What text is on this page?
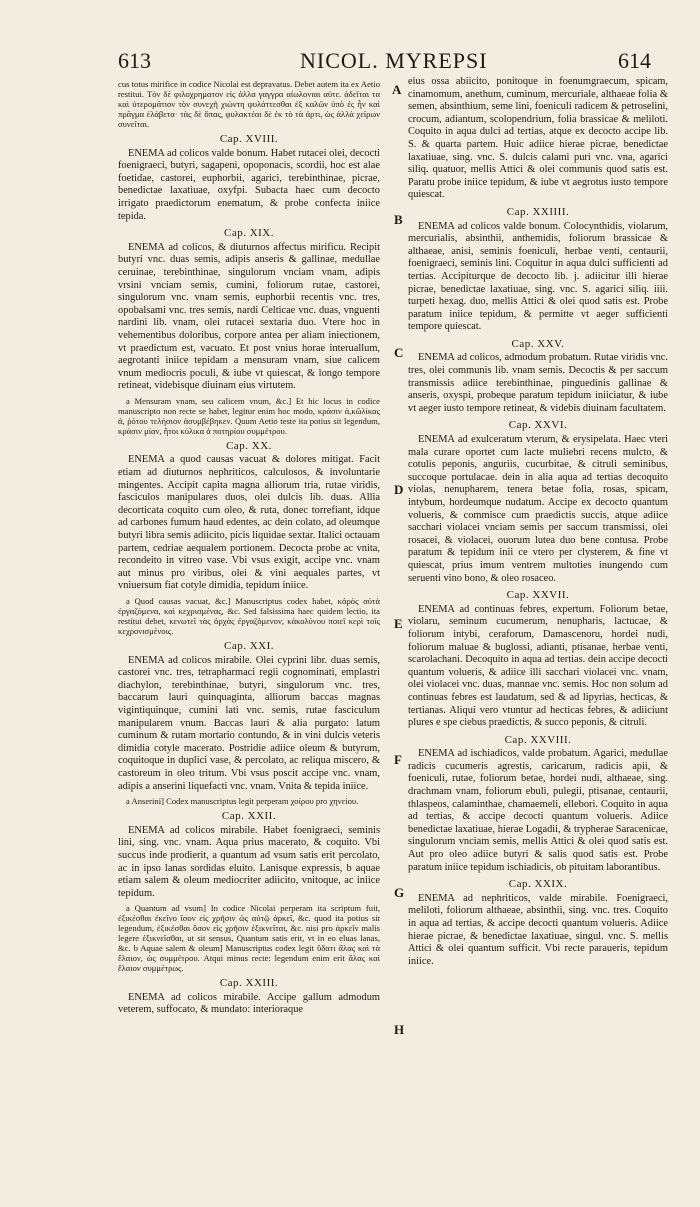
613	NICOL. MYREPSI	614
A
B
C
D
E
F
G
H

cus totus mirifice in codice Nicolai est depravatus. Debet autem ita ex Aetio restitui. Τὸν δὲ φιλοχρηματον εἰς ἀλλα γαγγρα αἰωλονιαι αὐτε. ἀδεῖται τα καὶ ὑτερομάτιον τὸν συνεχῆ χιώντη φυλάττεσθαι ἐξ καλῶν ὑπὸ ἐς ἦν καὶ πρᾶγμα ἐλάβετα· τὰς δὲ ὅπας, φυλακτέαι δὲ ἐκ τὸ τὰ ἀρτι, ὡς ἀλλὰ χεῖρων συνεῖται.

Cap. XVIII.

ENEMA ad colicos valde bonum. Habet rutacei olei, decocti foenigraeci, butyri, sagapeni, opoponacis, scordii, hoc est alae foetidae, castorei, euphorbii, agarici, terebinthinae, picrae, benedictae laxatiuae, oxyfpi. Subacta haec cum decocto irrigato praedictorum enematum, & probe confecta iniice tepida.

Cap. XIX.

ENEMA ad colicos, & diuturnos affectus mirificu. Recipit butyri vnc. duas semis, adipis anseris & gallinae, medullae ceruinae, terebinthinae, singulorum vnciam vnam, adipis vrsini vnciam semis, cumini, foliorum rutae, castorei, singulorum vnc. vnam semis, euphorbii recentis vnc. tres, opobalsami vnc. tres semis, nardi Celticae vnc. duas, vnguenti nardini lib. vnam, olei rutacei sextaria duo. Vtere hoc in vehementibus doloribus, corpore antea per aliam iniectionem, vt praedictum est, vacuato. Et post vnius horae interuallum, aegrotanti iniice tepidam a mensuram vnam, siue calicem vnum mediocris poculi, & iube vt quiescat, & longo tempore retineat, videbisque diuinam eius virtutem.

a Mensuram vnam, seu calicem vnum, &c.] Et hic locus in codice manuscripto non recte se habet, legitur enim hoc modo, κράσιν ἀ,κῶλίκας ἀ, ῥότου τελήσιον ἀσυμβέβηκεν. Quum Aetio teste ita potius sit legendum, κράσιν μίαν, ἤτοι κύλικα ἀ ποτηρίου συμμέτρου.

Cap. XX.

ENEMA a quod causas vacuat & dolores mitigat. Facit etiam ad diuturnos nephriticos, calculosos, & involuntarie mingentes. Accipit capita magna alliorum tria, rutae viridis, fasciculos manipulares duos, olei dulcis lib. duas. Allia decorticata coquito cum oleo, & ruta, donec torrefiant, idque ad carbones fumum haud edentes, ac dein colato, ad oleumque butyri libra semis adiicito, picis liquidae sextar. Italici octauam partem, cedriae aequalem portionem. Decocta probe ac vnita, recondeito in vitreo vase. Vbi vsus exigit, accipe vnc. vnam aut minus pro viribus, olei & vini aequales partes, vt vniuersum fiat cotyle dimidia, tepidum iniice.

a Quod causas vacuat, &c.] Manuscriptus codex habet, κἀρὸς αὐτὰ ἐργαζόμενα, καὶ κεχρισμένας, &c. Sed falsissima haec quidem lectio, ita restitui debet, κενωτεῖ τὰς ἀρχὰς ἐργαζόμενον, κἀκολύνου ποιεῖ κερὶ τοῖς κεχρονισμένοις.

Cap. XXI.

ENEMA ad colicos mirabile. Olei cyprini libr. duas semis, castorei vnc. tres, tetrapharmaci regii cognominati, emplastri diachylon, terebinthinae, butyri, singulorum vnc. tres, baccarum lauri quinquaginta, alliorum baccas magnas vigintiquinque, cumini lati vnc. semis, rutae fasciculum manipularem vnum. Baccas lauri & alia purgato: latum cuminum & rutam mortario contundo, & in vini dulcis veteris dimidia cotyle macerato. Postridie adiice oleum & butyrum, coquitoque in duplici vase, & percolato, ac reliqua miscero, & castoreum in oleo tritum. Vbi vsus poscit accipe vnc. vnam, adipis a anserini liquefacti vnc. vnam. Vnita & tepida iniice.

a Anserini] Codex manuscriptus legit perperam χοίρου pro χηνείου.

Cap. XXII.

ENEMA ad colicos mirabile. Habet foenigraeci, seminis lini, sing. vnc. vnam. Aqua prius macerato, & coquito. Vbi succus inde prodierit, a quantum ad vsum satis erit percolato, ac in ipso lanas sordidas eluito. Lanisque expressis, b aquae etiam salem & oleum mediocriter adiicito, vnitoque, ac iniice tepidum.

a Quantum ad vsum] In codice Nicolai perperam ita scriptum fuit, ἐξικέσθαι ἐκεῖνο ἴσον εἰς χρῆσιν ὡς αὐτῷ ἀρκεῖ, &c. quod ita potius sit legendum, ἐξικέσθαι ὅσον εἰς χρῆσιν ἐξικνεῖται, &c. nisi pro ἀρκεῖν malis legere ἐξικνεῖσθαι, ut sit sensus, Quantum satis erit, vt in eo eluas lanas, &c. b Aquae salem & oleum] Manuscriptus codex legit ὕδατι ἅλας καὶ τὰ ἔλαιον, ὡς συμμέτρου. Atqui minus recte: legendum enim erit ἅλας καὶ ἔλαιον συμμέτρως.

Cap. XXIII.

ENEMA ad colicos mirabile. Accipe gallum admodum veterem, suffocato, & mundato: interioraque

eius ossa abiicito, ponitoque in foenumgraecum, spicam, cinamomum, anethum, cuminum, mercuriale, althaeae folia & semen, absinthium, seme lini, foeniculi radicem & petroselini, crocum, adiantum, scolopendrium, folia brassicae & meliloti. Coquito in aqua dulci ad tertias, atque ex decocto accipe lib. S. & quarta partem. Huic adiice hierae picrae, benedictae laxatiuae, sing. vnc. S. dulcis calami puri vnc. vna, agarici siliq. quatuor, mellis Attici & olei communis quod satis est. Paratu probe iniice tepidum, & iube vt aegrotus iusto tempore quiescat.

Cap. XXIIII.

ENEMA ad colicos valde bonum. Colocynthidis, violarum, mercurialis, absinthii, anthemidis, foliorum brassicae & althaeae, anisi, seminis foeniculi, herbae venti, centaurii, foenigraeci, seminis lini. Coquitur in aqua dulci sufficienti ad tertias. Accipiturque de decocto lib. j. adiicitur illi hierae picrae, benedictae laxatiuae, sing. vnc. S. agarici siliq. iiii. turpeti hexag. duo, mellis Attici & olei quod satis est. Probe paratum iniice tepidum, & permitte vt aeger sufficienti tempore quiescat.

Cap. XXV.

ENEMA ad colicos, admodum probatum. Rutae viridis vnc. tres, olei communis lib. vnam semis. Decoctis & per saccum transmissis adiice terebinthinae, pinguedinis gallinae & anseris, oxyspi, probeque paratum tepidum iniiciatur, & iube vt aeger iusto tempore retineat, & videbis diuinam facultatem.

Cap. XXVI.

ENEMA ad exulceratum vterum, & erysipelata. Haec vteri mala curare oportet cum lacte muliebri recens mulcto, & cotulis peponis, anguriis, cucurbitae, & citruli seminibus, succoque portulacae. dein in alia aqua ad tertias decoquito violas, nenupharem, tenera betae folia, rosas, spicam, intybum, hordeumque nudatum. Accipe ex decocto quantum volueris, & commisce cum praedictis succis, atque adiice sacchari violacei vnciam semis per saccum transmissi, olei rosacei, & violacei, ouorum lutea duo bene contusa. Probe paratum & tepidum inii ce vtero per clysterem, & fine vt quiescat, prius imum ventrem multoties inungendo cum seruenti vino bono, & oleo rosaceo.

Cap. XXVII.

ENEMA ad continuas febres, expertum. Foliorum betae, violaru, seminum cucumerum, nenupharis, lactucae, & foliorum intybi, ceraforum, Damascenoru, hordei nudi, foliorum maluae & buglossi, adianti, ptisanae, herbae venti, scarolachani. Decoquito in aqua ad tertias. dein accipe decocti quantum volueris, & adiice illi sacchari violacei vnc. vnam, olei violacei vnc. duas, mannae vnc. semis. Hoc non solum ad continuas febres est laudatum, sed & ad lipyrias, hecticas, & tertianas. Aliqui vero vtuntur ad hecticas febres, & adiiciunt plures e spe ciebus praedictis, & succo peponis, & citruli.

Cap. XXVIII.

ENEMA ad ischiadicos, valde probatum. Agarici, medullae radicis cucumeris agrestis, caricarum, radicis apii, & foeniculi, rutae, foliorum betae, hordei nudi, althaeae, sing. drachmam vnam, foliorum ebuli, pulegii, ptisanae, centaurii, thlaspeos, calaminthae, chamaemeli, ellebori. Coquito in aqua ad tertias, & accipe decocti quantum volueris. Adiice benedictae laxatiuae, hierae Logadii, & trypherae Saracenicae, singulorum vnciam semis, mellis Attici & olei quod satis est. Aut pro oleo adiice butyri & salis quod satis est. Probe paratum iniice tepidum ischiadicis, ob pituitam laborantibus.

Cap. XXIX.

ENEMA ad nephriticos, valde mirabile. Foenigraeci, meliloti, foliorum althaeae, absinthii, sing. vnc. tres. Coquito in aqua ad tertias, & accipe decocti quantum volueris. Adiice hierae picrae, & benedictae laxatiuae, singul. vnc. S. mellis Attici & olei quantum sufficit. Vbi recte paraueris, tepidum iniice.
